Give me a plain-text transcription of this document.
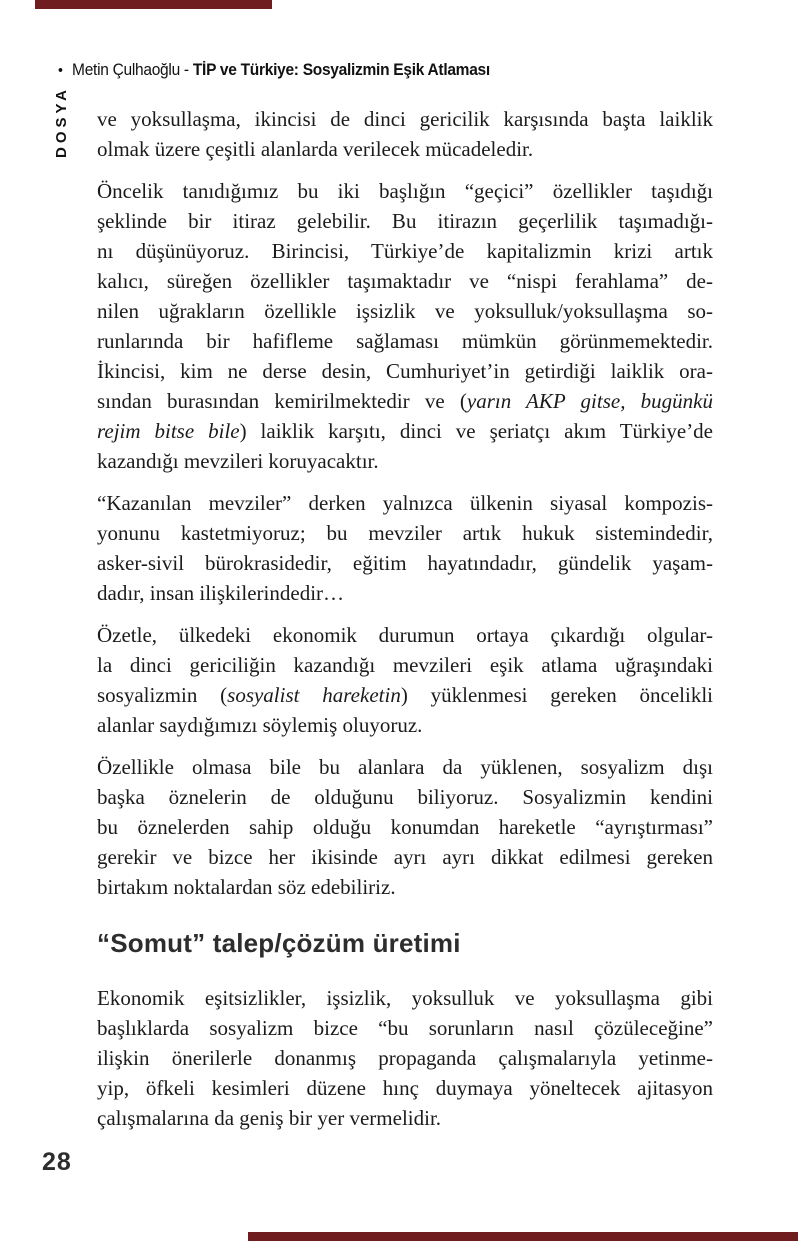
• Metin Çulhaoğlu - TİP ve Türkiye: Sosyalizmin Eşik Atlaması
DOSYA ve yoksullaşma, ikincisi de dinci gericilik karşısında başta laiklik
olmak üzere çeşitli alanlarda verilecek mücadeledir.
Öncelik tanıdığımız bu iki başlığın “geçici” özellikler taşıdığı
şeklinde bir itiraz gelebilir. Bu itirazın geçerlilik taşımadığı-
nı düşünüyoruz. Birincisi, Türkiye’de kapitalizmin krizi artık
kalıcı, süreğen özellikler taşımaktadır ve “nispi ferahlama” de-
nilen uğrakların özellikle işsizlik ve yoksulluk/yoksullaşma so-
runlarında bir hafifleme sağlaması mümkün görünmemektedir.
İkincisi, kim ne derse desin, Cumhuriyet’in getirdiği laiklik ora-
sından burasından kemirilmektedir ve (yarın AKP gitse, bugünkü
rejim bitse bile) laiklik karşıtı, dinci ve şeriatçı akım Türkiye’de
kazandığı mevzileri koruyacaktır.
“Kazanılan mevziler” derken yalnızca ülkenin siyasal kompozis-
yonunu kastetmiyoruz; bu mevziler artık hukuk sistemindedir,
asker-sivil bürokrasidedir, eğitim hayatındadır, gündelik yaşam-
dadır, insan ilişkilerindedir…
Özetle, ülkedeki ekonomik durumun ortaya çıkardığı olgular-
la dinci gericiliğin kazandığı mevzileri eşik atlama uğraşındaki
sosyalizmin (sosyalist hareketin) yüklenmesi gereken öncelikli
alanlar saydığımızı söylemiş oluyoruz.
Özellikle olmasa bile bu alanlara da yüklenen, sosyalizm dışı
başka öznelerin de olduğunu biliyoruz. Sosyalizmin kendini
bu öznelerden sahip olduğu konumdan hareketle “ayrıştırması”
gerekir ve bizce her ikisinde ayrı ayrı dikkat edilmesi gereken
birtakım noktalardan söz edebiliriz.
“Somut” talep/çözüm üretimi
Ekonomik eşitsizlikler, işsizlik, yoksulluk ve yoksullaşma gibi
başlıklarda sosyalizm bizce “bu sorunların nasıl çözüleceğine”
ilişkin önerilerle donanmış propaganda çalışmalarıyla yetinme-
yip, öfkeli kesimleri düzene hınç duymaya yöneltecek ajitasyon
çalışmalarına da geniş bir yer vermelidir.
28
